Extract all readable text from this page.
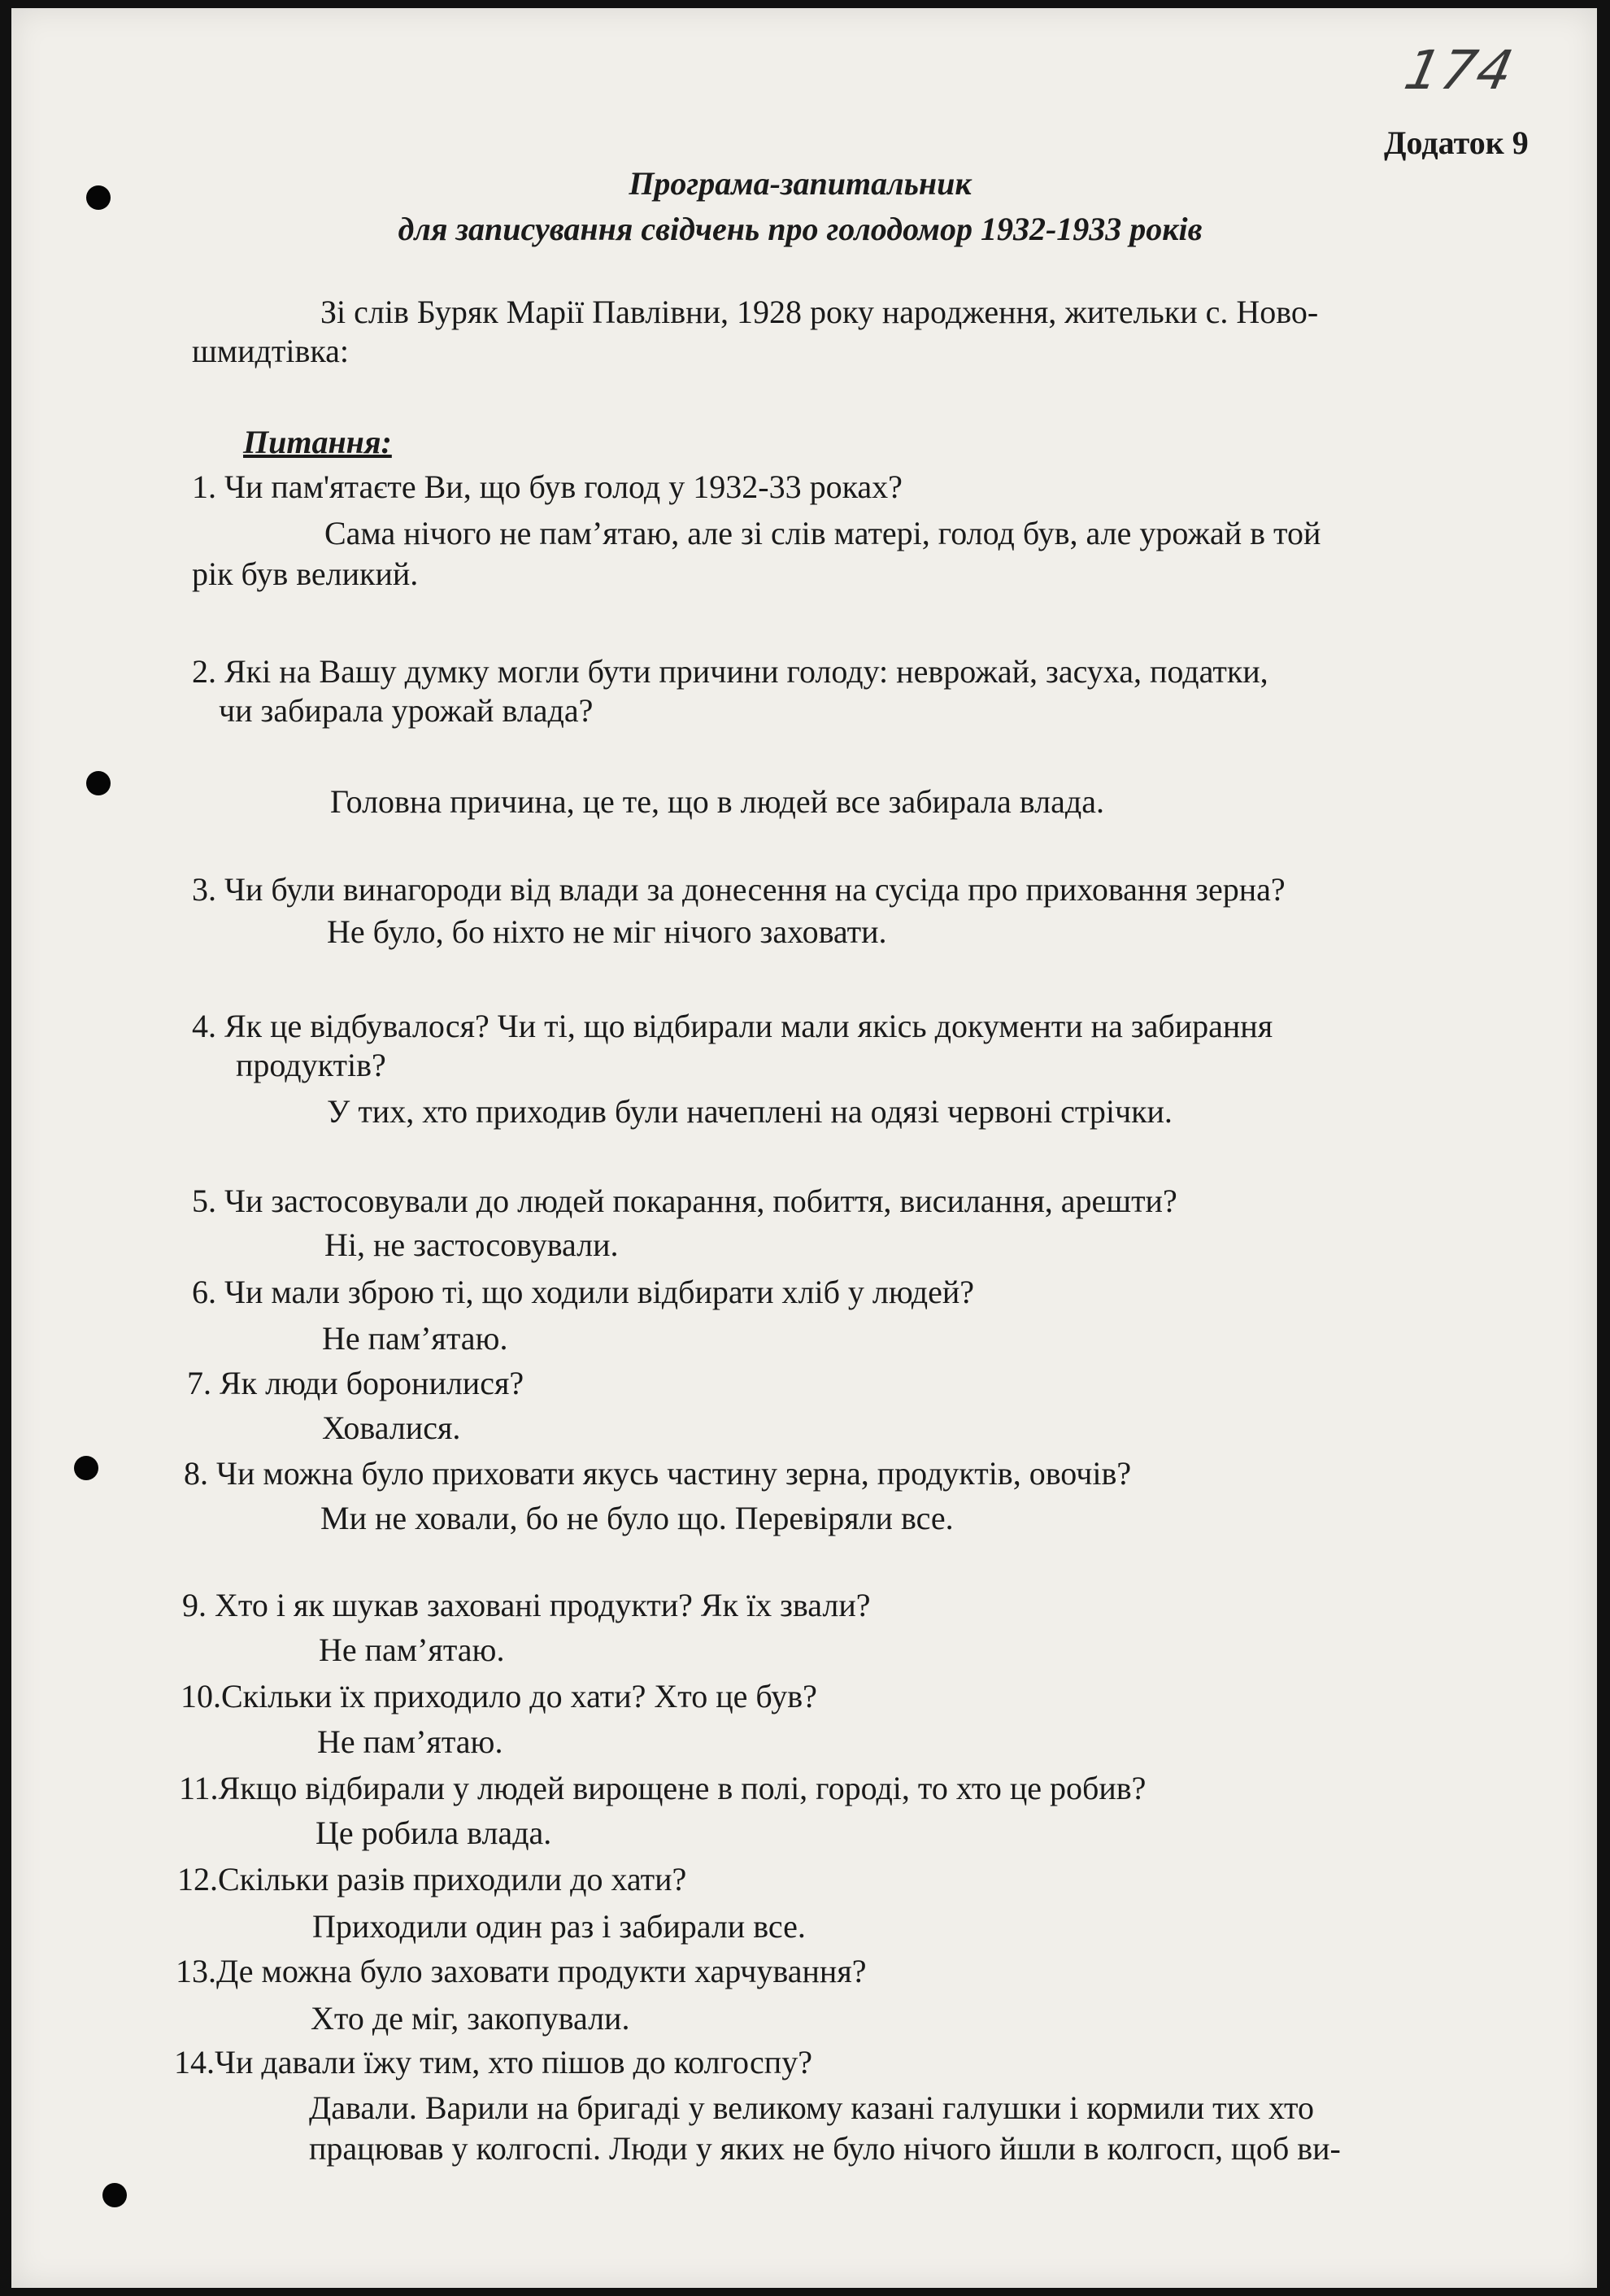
174
Додаток 9
Програма-запитальник
для записування свідчень про голодомор 1932-1933 років
Зі слів Буряк Марії Павлівни, 1928 року народження, жительки с. Ново-
шмидтівка:
Питання:
1. Чи пам'ятаєте Ви, що був голод у 1932-33 роках?
Сама нічого не пам’ятаю, але зі слів матері, голод був, але урожай в той
рік був великий.
2. Які на Вашу думку могли бути причини голоду: неврожай, засуха, податки,
чи забирала урожай влада?
Головна причина, це те, що в людей все забирала влада.
3. Чи були винагороди від влади за донесення на сусіда про приховання зерна?
Не було, бо ніхто не міг нічого заховати.
4. Як це відбувалося? Чи ті, що відбирали мали якісь документи на забирання
продуктів?
У тих, хто приходив були начеплені на одязі червоні стрічки.
5. Чи застосовували до людей покарання, побиття, висилання, арешти?
Ні, не застосовували.
6. Чи мали зброю ті, що ходили відбирати хліб у людей?
Не пам’ятаю.
7. Як люди боронилися?
Ховалися.
8. Чи можна було приховати якусь частину зерна, продуктів, овочів?
Ми не ховали, бо не було що. Перевіряли все.
9. Хто і як шукав заховані продукти? Як їх звали?
Не пам’ятаю.
10.Скільки їх приходило до хати? Хто це був?
Не пам’ятаю.
11.Якщо відбирали у людей вирощене в полі, городі, то хто це робив?
Це робила влада.
12.Скільки разів приходили до хати?
Приходили один раз і забирали все.
13.Де можна було заховати продукти харчування?
Хто де міг, закопували.
14.Чи давали їжу тим, хто пішов до колгоспу?
Давали. Варили на бригаді у великому казані галушки і кормили тих хто
працював у колгоспі. Люди у яких не було нічого йшли в колгосп, щоб ви-
